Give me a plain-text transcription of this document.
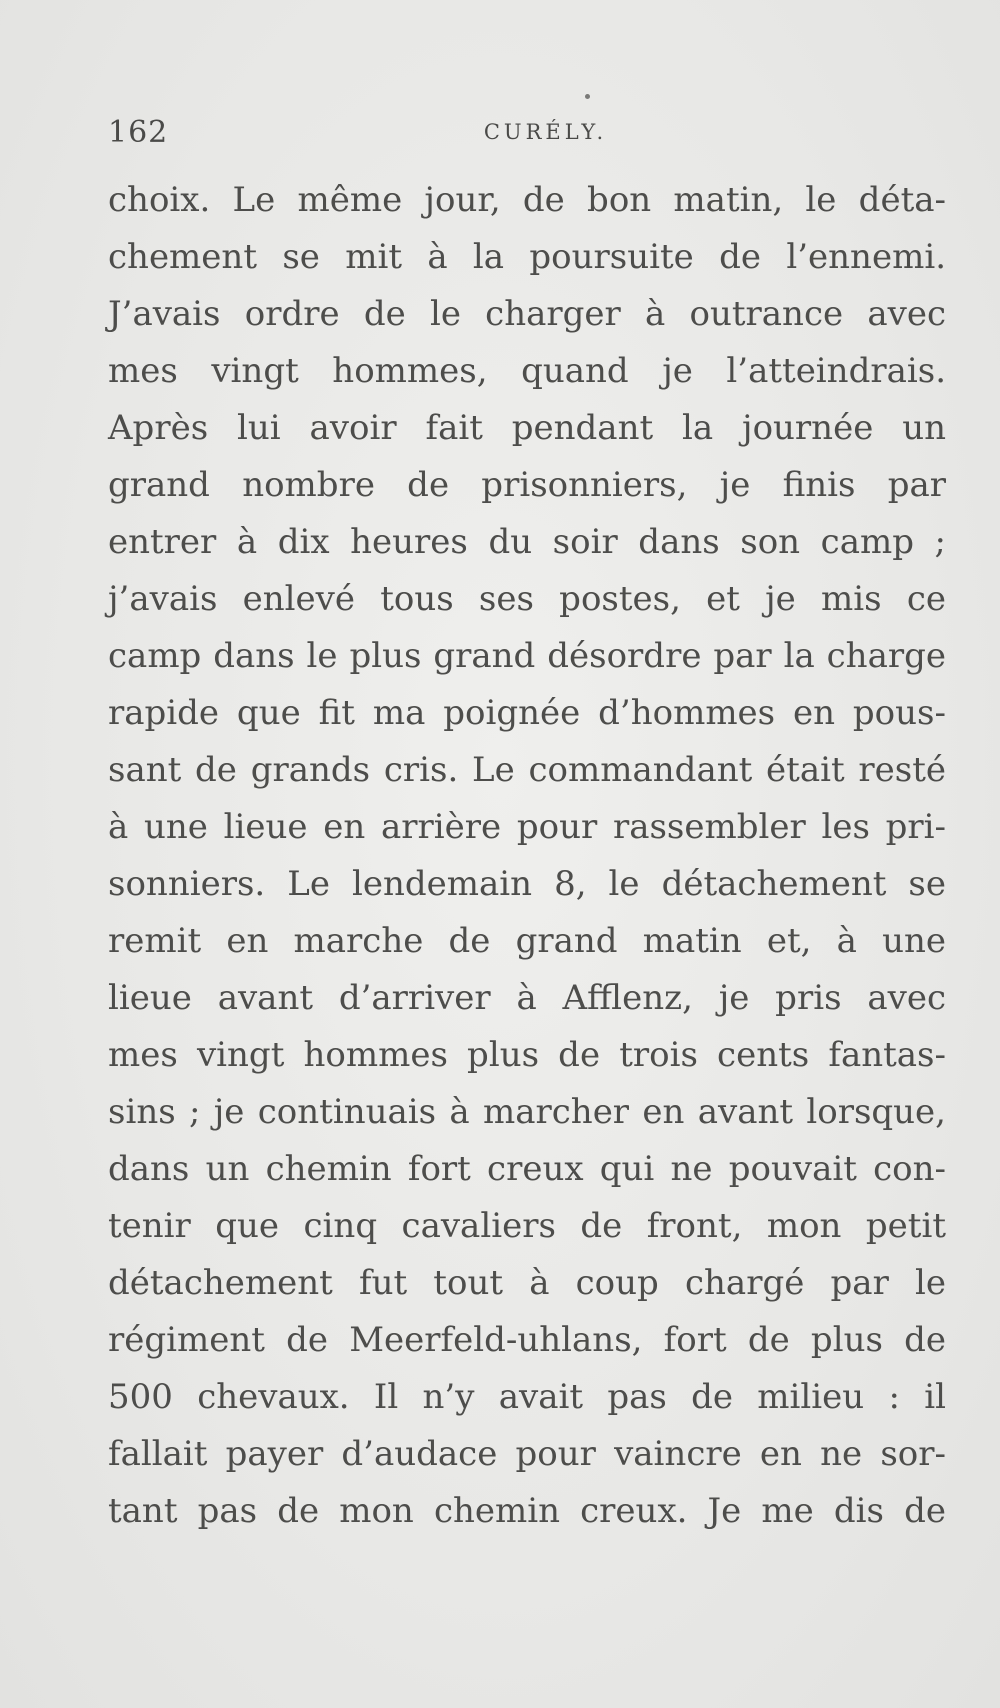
162	CURÉLY.
choix. Le même jour, de bon matin, le déta-
chement se mit à la poursuite de l’ennemi.
J’avais ordre de le charger à outrance avec
mes vingt hommes, quand je l’atteindrais.
Après lui avoir fait pendant la journée un
grand nombre de prisonniers, je finis par
entrer à dix heures du soir dans son camp ;
j’avais enlevé tous ses postes, et je mis ce
camp dans le plus grand désordre par la charge
rapide que fit ma poignée d’hommes en pous-
sant de grands cris. Le commandant était resté
à une lieue en arrière pour rassembler les pri-
sonniers. Le lendemain 8, le détachement se
remit en marche de grand matin et, à une
lieue avant d’arriver à Afflenz, je pris avec
mes vingt hommes plus de trois cents fantas-
sins ; je continuais à marcher en avant lorsque,
dans un chemin fort creux qui ne pouvait con-
tenir que cinq cavaliers de front, mon petit
détachement fut tout à coup chargé par le
régiment de Meerfeld-uhlans, fort de plus de
500 chevaux. Il n’y avait pas de milieu : il
fallait payer d’audace pour vaincre en ne sor-
tant pas de mon chemin creux. Je me dis de
